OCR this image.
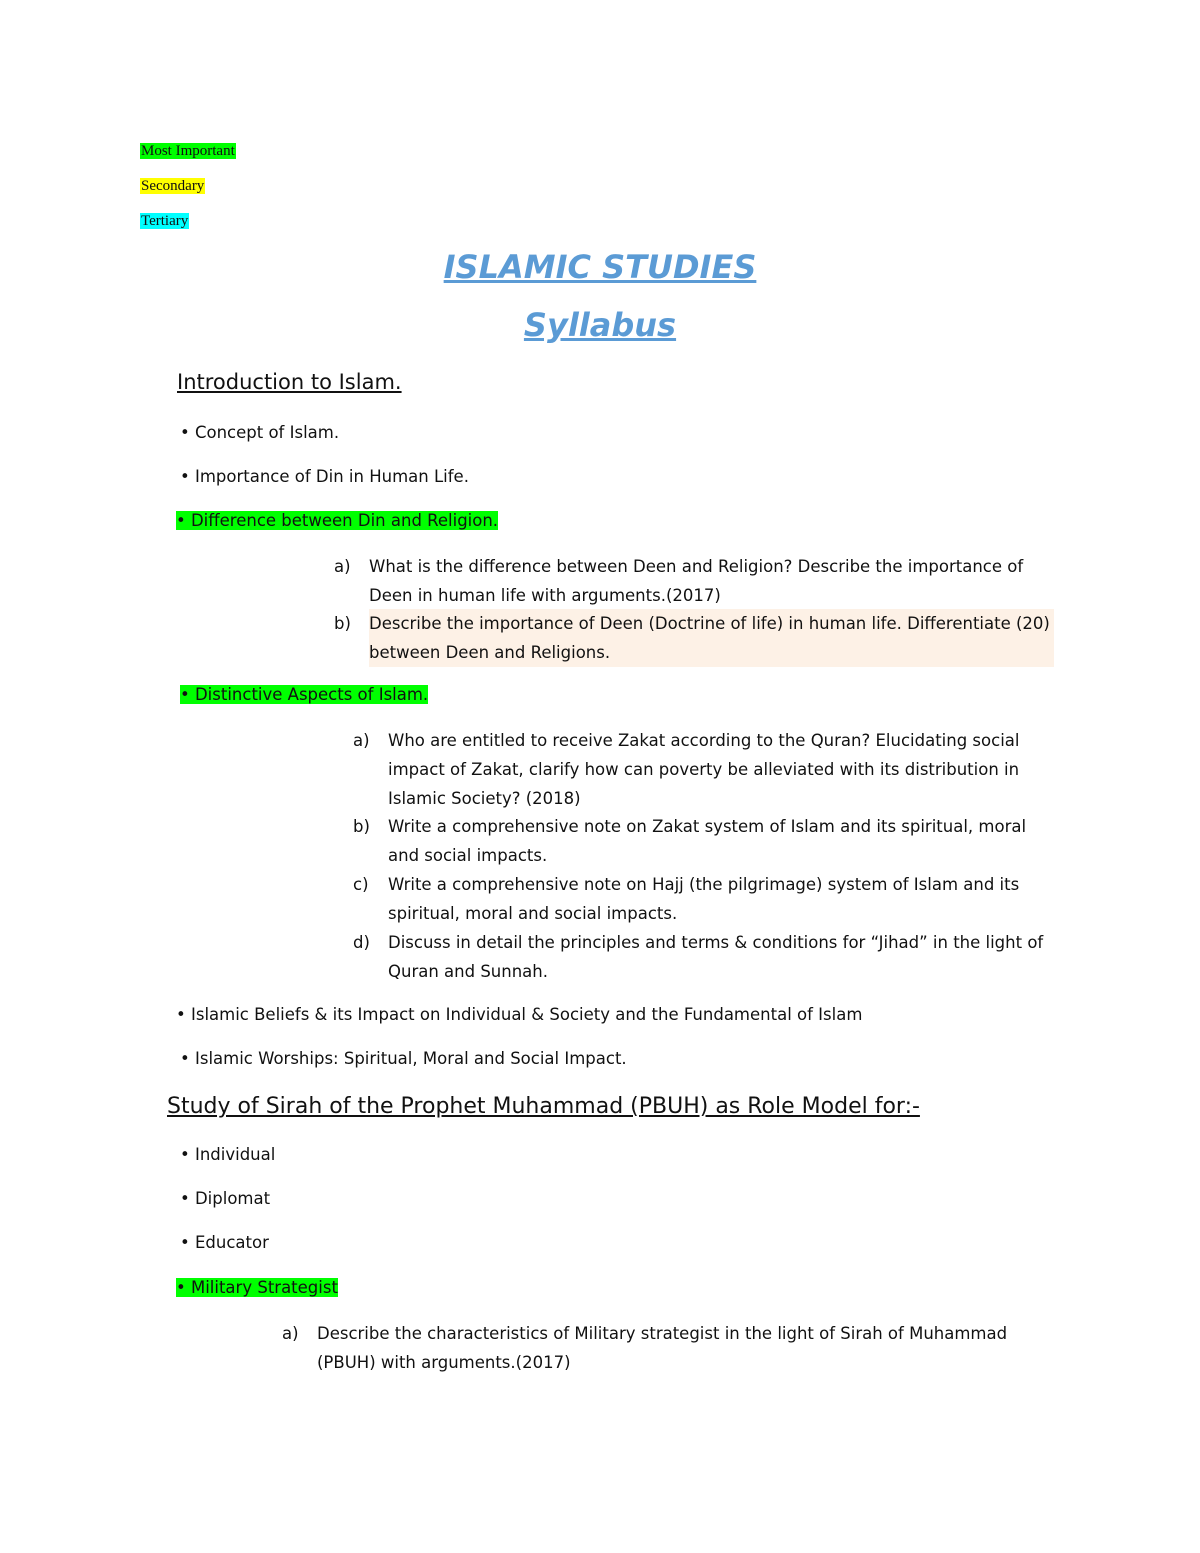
Most Important
Secondary
Tertiary
ISLAMIC STUDIES
Syllabus
Introduction to Islam.
• Concept of Islam.
• Importance of Din in Human Life.
• Difference between Din and Religion.
a) What is the difference between Deen and Religion? Describe the importance of Deen in human life with arguments.(2017)
b) Describe the importance of Deen (Doctrine of life) in human life. Differentiate (20) between Deen and Religions.
• Distinctive Aspects of Islam.
a) Who are entitled to receive Zakat according to the Quran? Elucidating social impact of Zakat, clarify how can poverty be alleviated with its distribution in Islamic Society? (2018)
b) Write a comprehensive note on Zakat system of Islam and its spiritual, moral and social impacts.
c) Write a comprehensive note on Hajj (the pilgrimage) system of Islam and its spiritual, moral and social impacts.
d) Discuss in detail the principles and terms & conditions for “Jihad” in the light of Quran and Sunnah.
• Islamic Beliefs & its Impact on Individual & Society and the Fundamental of Islam
• Islamic Worships: Spiritual, Moral and Social Impact.
Study of Sirah of the Prophet Muhammad (PBUH) as Role Model for:-
• Individual
• Diplomat
• Educator
• Military Strategist
a) Describe the characteristics of Military strategist in the light of Sirah of Muhammad (PBUH) with arguments.(2017)
